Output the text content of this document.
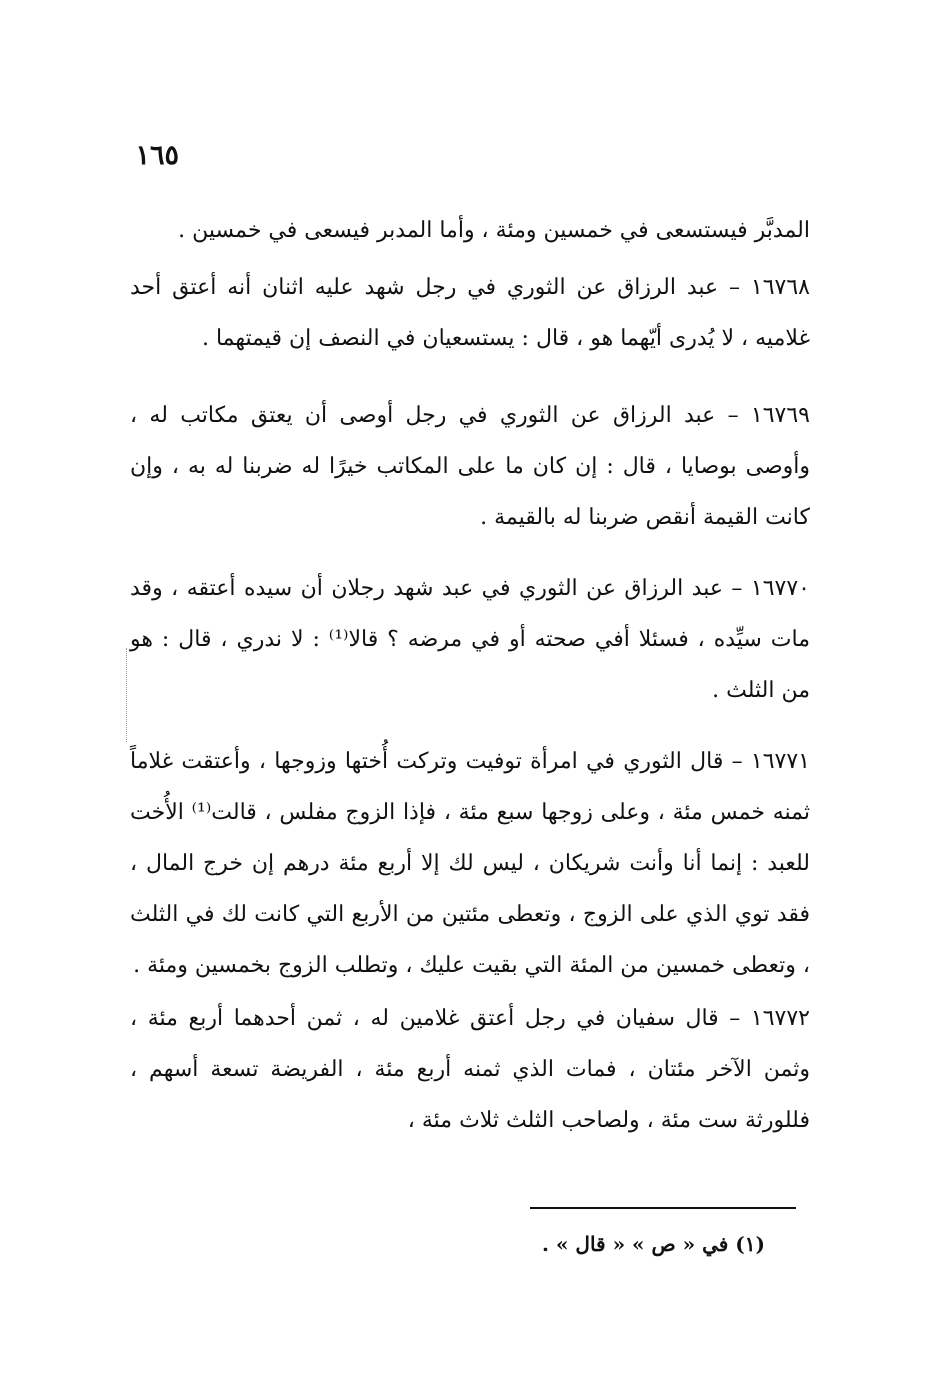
١٦٥

المدبَّر فيستسعى في خمسين ومئة ، وأما المدبر فيسعى في خمسين .

١٦٧٦٨ – عبد الرزاق عن الثوري في رجل شهد عليه اثنان أنه أعتق أحد غلاميه ، لا يُدرى أيّهما هو ، قال : يستسعيان في النصف إن قيمتهما .

١٦٧٦٩ – عبد الرزاق عن الثوري في رجل أوصى أن يعتق مكاتب له ، وأوصى بوصايا ، قال : إن كان ما على المكاتب خيرًا له ضربنا له به ، وإن كانت القيمة أنقص ضربنا له بالقيمة .

١٦٧٧٠ – عبد الرزاق عن الثوري في عبد شهد رجلان أن سيده أعتقه ، وقد مات سيِّده ، فسئلا أفي صحته أو في مرضه ؟ قالا⁽¹⁾ : لا ندري ، قال : هو من الثلث .

١٦٧٧١ – قال الثوري في امرأة توفيت وتركت أُختها وزوجها ، وأعتقت غلاماً ثمنه خمس مئة ، وعلى زوجها سبع مئة ، فإذا الزوج مفلس ، قالت⁽¹⁾ الأُخت للعبد : إنما أنا وأنت شريكان ، ليس لك إلا أربع مئة درهم إن خرج المال ، فقد توي الذي على الزوج ، وتعطى مئتين من الأربع التي كانت لك في الثلث ، وتعطى خمسين من المئة التي بقيت عليك ، وتطلب الزوج بخمسين ومئة .

١٦٧٧٢ – قال سفيان في رجل أعتق غلامين له ، ثمن أحدهما أربع مئة ، وثمن الآخر مئتان ، فمات الذي ثمنه أربع مئة ، الفريضة تسعة أسهم ، فللورثة ست مئة ، ولصاحب الثلث ثلاث مئة ،

(١) في « ص » « قال » .
